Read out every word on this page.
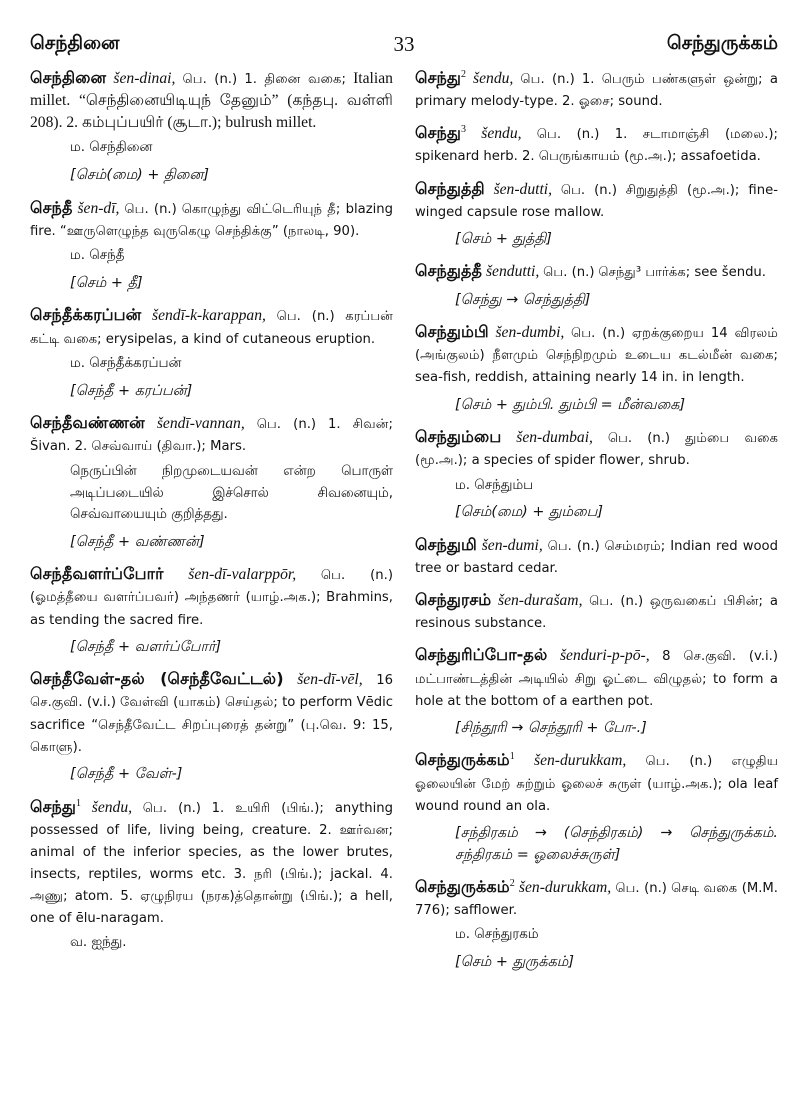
செந்தினை	33	செந்துருக்கம்

செந்தினை šen-dinai, பெ. (n.) 1. தினை வகை; Italian millet. “செந்தினையிடியுந் தேனும்” (கந்தபு. வள்ளி 208). 2. கம்புப்பயிர் (சூடா.); bulrush millet.

ம. செந்தினை
[செம்(மை) + தினை]

செந்தீ šen-dī, பெ. (n.) கொழுந்து விட்டெரியுந் தீ; blazing fire. “ஊருளெழுந்த வுருகெழு செந்திக்கு” (நாலடி, 90).

ம. செந்தீ
[செம் + தீ]

செந்தீக்கரப்பன் šendī-k-karappan, பெ. (n.) கரப்பன் கட்டி வகை; erysipelas, a kind of cutaneous eruption.

ம. செந்தீக்கரப்பன்
[செந்தீ + கரப்பன்]

செந்தீவண்ணன் šendī-vannan, பெ. (n.) 1. சிவன்; Šivan. 2. செவ்வாய் (திவா.); Mars.

நெருப்பின் நிறமுடையவன் என்ற பொருள் அடிப்படையில் இச்சொல் சிவனையும், செவ்வாயையும் குறித்தது.
[செந்தீ + வண்ணன்]

செந்தீவளர்ப்போர் šen-dī-valarppōr, பெ. (n.) (ஓமத்தீயை வளர்ப்பவர்) அந்தணர் (யாழ்.அக.); Brahmins, as tending the sacred fire.

[செந்தீ + வளர்ப்போர்]

செந்தீவேள்-தல் (செந்தீவேட்டல்) šen-dī-vēl, 16 செ.குவி. (v.i.) வேள்வி (யாகம்) செய்தல்; to perform Vēdic sacrifice “செந்தீவேட்ட சிறப்புரைத் தன்று” (பு.வெ. 9: 15, கொளு).

[செந்தீ + வேள்-]

செந்து$^1$ šendu, பெ. (n.) 1. உயிரி (பிங்.); anything possessed of life, living being, creature. 2. ஊர்வன; animal of the inferior species, as the lower brutes, insects, reptiles, worms etc. 3. நரி (பிங்.); jackal. 4. அணு; atom. 5. ஏழுநிரய (நரக)த்தொன்று (பிங்.); a hell, one of ēlu-naragam.

வ. ஐந்து.

செந்து$^2$ šendu, பெ. (n.) 1. பெரும் பண்களுள் ஒன்று; a primary melody-type. 2. ஓசை; sound.

செந்து$^3$ šendu, பெ. (n.) 1. சடாமாஞ்சி (மலை.); spikenard herb. 2. பெருங்காயம் (மூ.அ.); assafoetida.

செந்துத்தி šen-dutti, பெ. (n.) சிறுதுத்தி (மூ.அ.); fine-winged capsule rose mallow.

[செம் + துத்தி]

செந்துத்தீ šendutti, பெ. (n.) செந்து³ பார்க்க; see šendu.

[செந்து → செந்துத்தி]

செந்தும்பி šen-dumbi, பெ. (n.) ஏறக்குறைய 14 விரலம் (அங்குலம்) நீளமும் செந்நிறமும் உடைய கடல்மீன் வகை; sea-fish, reddish, attaining nearly 14 in. in length.

[செம் + தும்பி. தும்பி = மீன்வகை]

செந்தும்பை šen-dumbai, பெ. (n.) தும்பை வகை (மூ.அ.); a species of spider flower, shrub.

ம. செந்தும்ப
[செம்(மை) + தும்பை]

செந்துமி šen-dumi, பெ. (n.) செம்மரம்; Indian red wood tree or bastard cedar.

செந்துரசம் šen-durašam, பெ. (n.) ஒருவகைப் பிசின்; a resinous substance.

செந்துரிப்போ-தல் šenduri-p-pō-, 8 செ.குவி. (v.i.) மட்பாண்டத்தின் அடியில் சிறு ஓட்டை விழுதல்; to form a hole at the bottom of a earthen pot.

[சிந்தூரி → செந்தூரி + போ-.]

செந்துருக்கம்$^1$ šen-durukkam, பெ. (n.) எழுதிய ஓலையின் மேற் சுற்றும் ஓலைச் சுருள் (யாழ்.அக.); ola leaf wound round an ola.

[சந்திரகம் → (செந்திரகம்) → செந்துருக்கம். சந்திரகம் = ஓலைச்சுருள்]

செந்துருக்கம்$^2$ šen-durukkam, பெ. (n.) செடி வகை (M.M. 776); safflower.

ம. செந்துரகம்
[செம் + துருக்கம்]
